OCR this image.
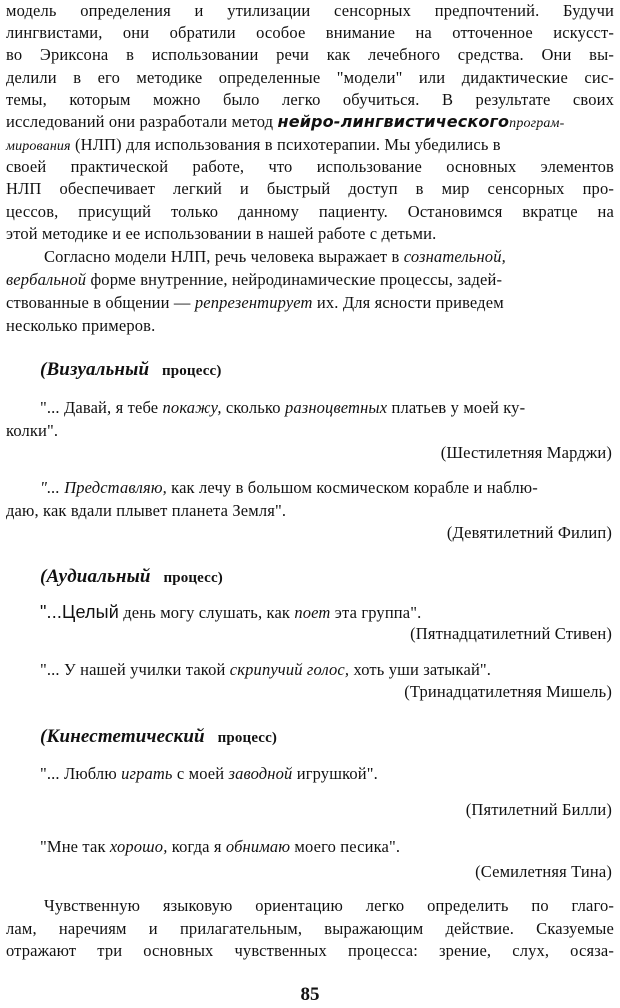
модель определения и утилизации сенсорных предпочтений. Будучи
лингвистами, они обратили особое внимание на отточенное искусст-
во Эриксона в использовании речи как лечебного средства. Они вы-
делили в его методике определенные "модели" или дидактические сис-
темы, которым можно было легко обучиться. В результате своих
исследований они разработали метод нейро-лингвистическогопрограм-
мирования (НЛП) для использования в психотерапии. Мы убедились в
своей практической работе, что использование основных элементов
НЛП обеспечивает легкий и быстрый доступ в мир сенсорных про-
цессов, присущий только данному пациенту. Остановимся вкратце на
этой методике и ее использовании в нашей работе с детьми.
Согласно модели НЛП, речь человека выражает в сознательной,
вербальной форме внутренние, нейродинамические процессы, задей-
ствованные в общении — репрезентирует их. Для ясности приведем
несколько примеров.
(Визуальный процесс)
"... Давай, я тебе покажу, сколько разноцветных платьев у моей ку-
колки".
(Шестилетняя Марджи)
"... Представляю, как лечу в большом космическом корабле и наблю-
даю, как вдали плывет планета Земля".
(Девятилетний Филип)
(Аудиальный процесс)
"...Целый день могу слушать, как поет эта группа".
(Пятнадцатилетний Стивен)
"... У нашей училки такой скрипучий голос, хоть уши затыкай".
(Тринадцатилетняя Мишель)
(Кинестетический процесс)
"... Люблю играть с моей заводной игрушкой".
(Пятилетний Билли)
"Мне так хорошо, когда я обнимаю моего песика".
(Семилетняя Тина)
Чувственную языковую ориентацию легко определить по глаго-
лам, наречиям и прилагательным, выражающим действие. Сказуемые
отражают три основных чувственных процесса: зрение, слух, осяза-
85
